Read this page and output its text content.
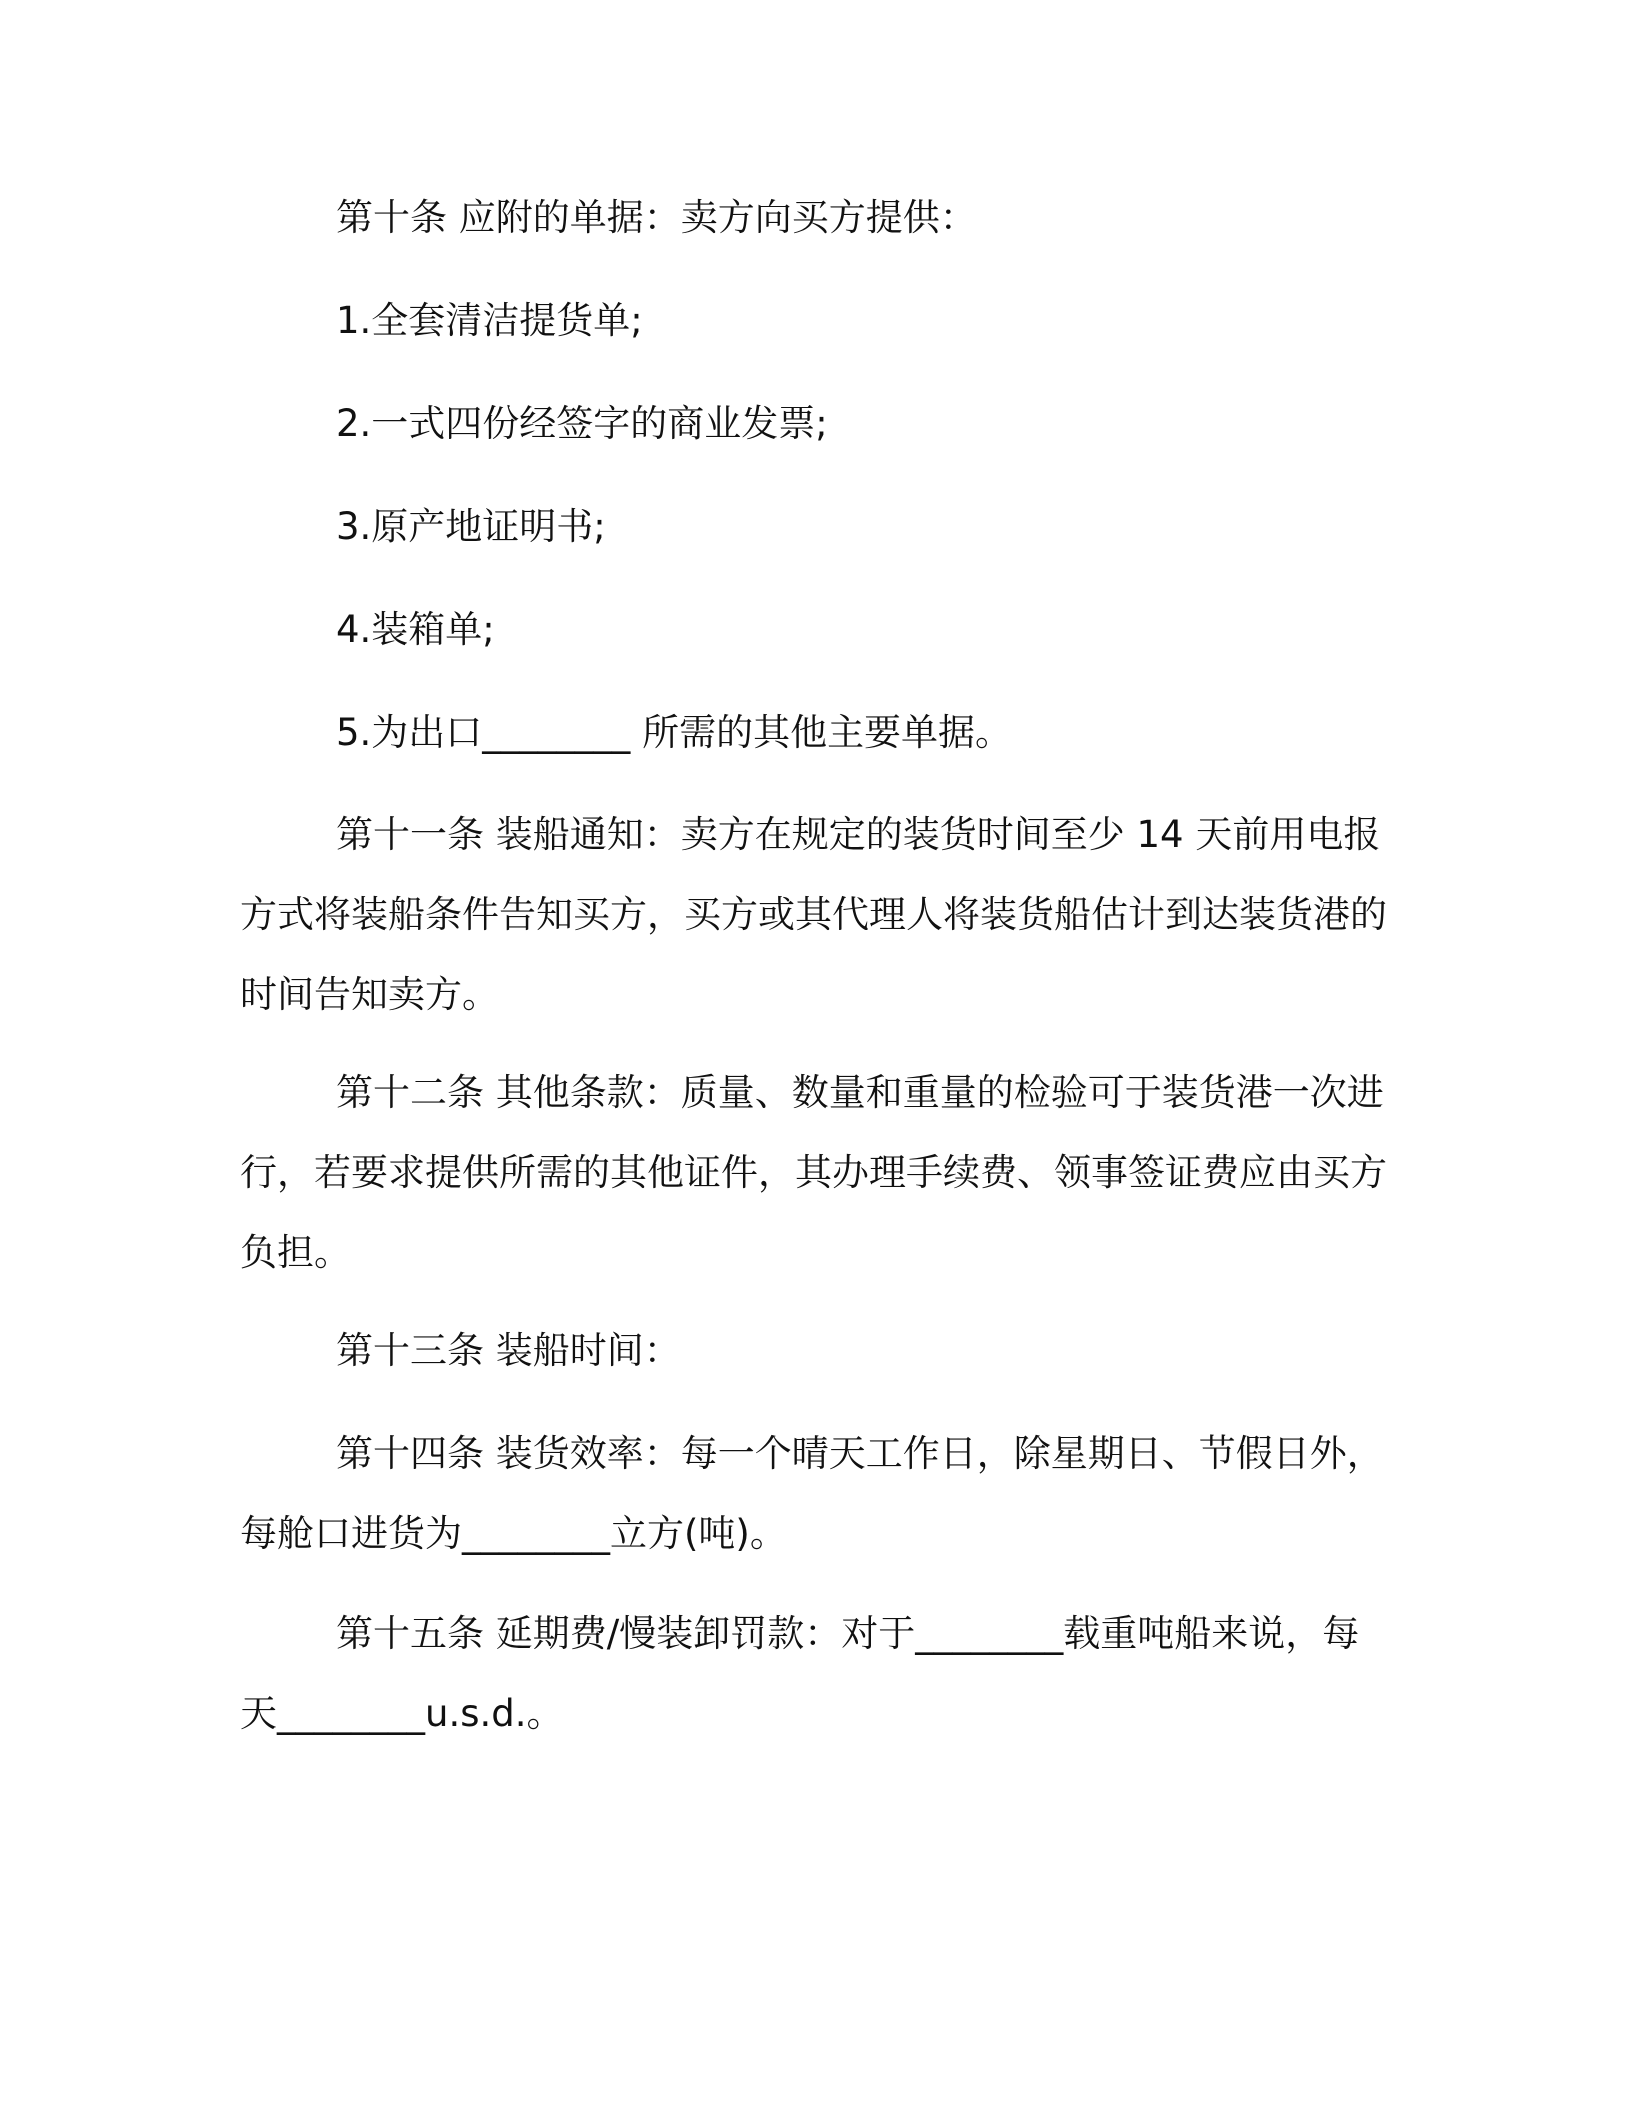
第十条 应附的单据：卖方向买方提供：

1.全套清洁提货单;

2.一式四份经签字的商业发票;

3.原产地证明书;

4.装箱单;

5.为出口________ 所需的其他主要单据。

第十一条 装船通知：卖方在规定的装货时间至少 14 天前用电报方式将装船条件告知买方，买方或其代理人将装货船估计到达装货港的时间告知卖方。

第十二条 其他条款：质量、数量和重量的检验可于装货港一次进行，若要求提供所需的其他证件，其办理手续费、领事签证费应由买方负担。

第十三条 装船时间：

第十四条 装货效率：每一个晴天工作日，除星期日、节假日外，每舱口进货为________立方(吨)。

第十五条 延期费/慢装卸罚款：对于________载重吨船来说，每天________u.s.d.。
